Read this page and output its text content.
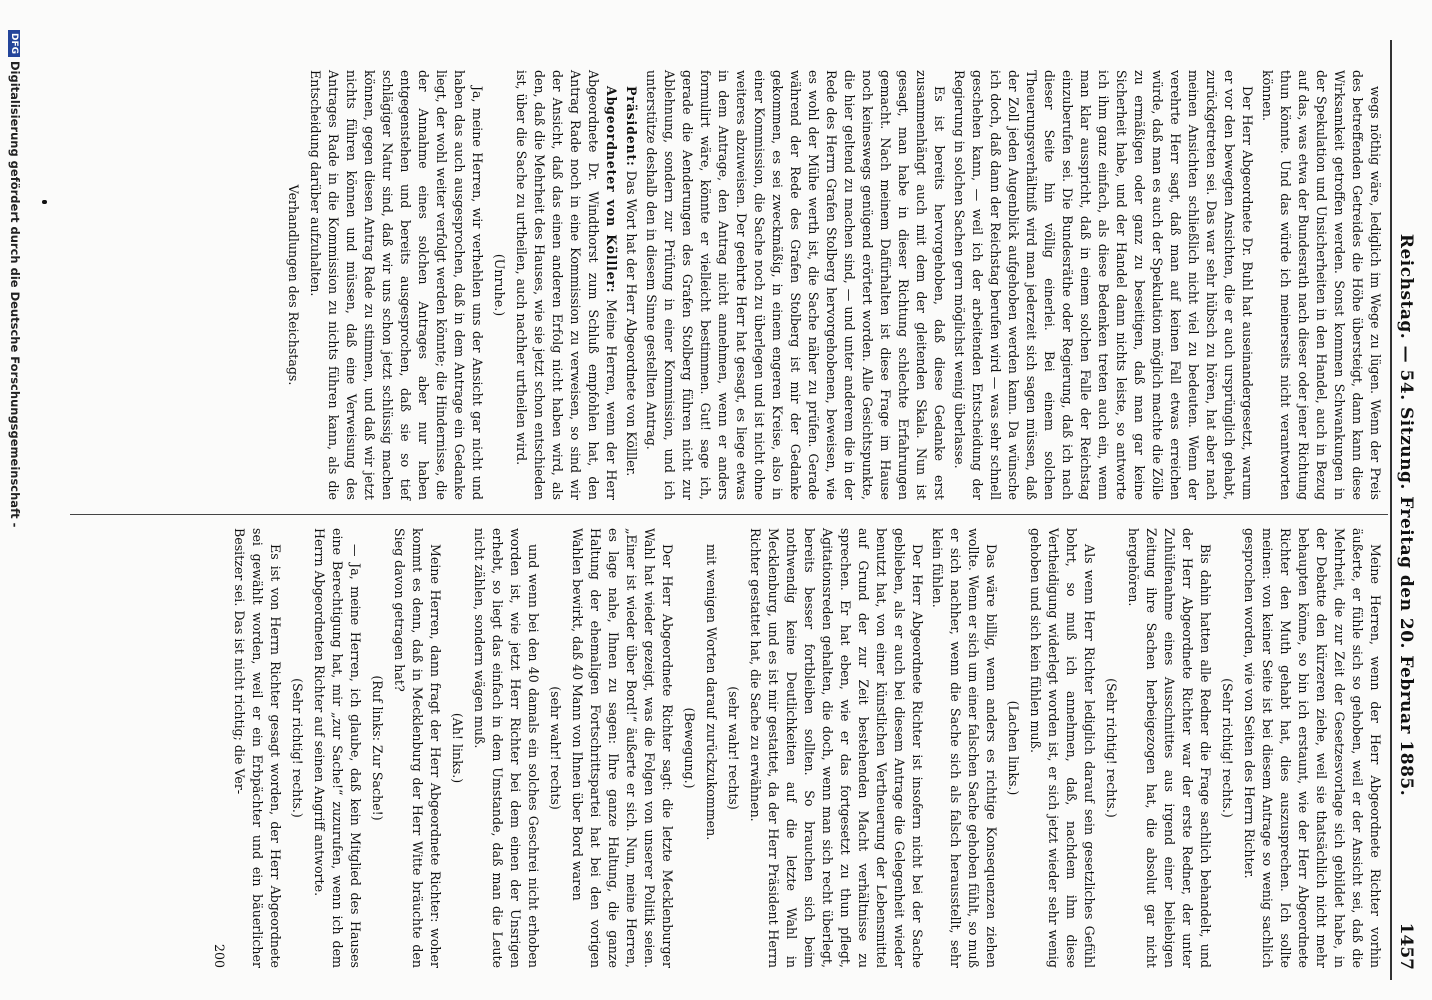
Reichstag. — 54. Sitzung. Freitag den 20. Februar 1885.
1457

wegs nöthig wäre, lediglich im Wege zu lügen. Wenn der Preis des betreffenden Getreides die Höhe übersteigt, dann kann diese Wirksamkeit getroffen werden. Sonst kommen Schwankungen in der Spekulation und Unsicherheiten in den Handel, auch in Bezug auf das, was etwa der Bundesrath nach dieser oder jener Richtung thun könnte. Und das würde ich meinerseits nicht verantworten können.

Der Herr Abgeordnete Dr. Buhl hat auseinandergesetzt, warum er vor den bewegten Ansichten, die er auch ursprünglich gehabt, zurückgetreten sei. Das war sehr hübsch zu hören, hat aber nach meinen Ansichten schließlich nicht viel zu bedeuten. Wenn der verehrte Herr sagt, daß man auf keinen Fall etwas erreichen würde, daß man es auch der Spekulation möglich machte die Zölle zu ermäßigen oder ganz zu beseitigen, daß man gar keine Sicherheit habe, und der Handel dann nichts leiste, so antworte ich ihm ganz einfach, als diese Bedenken treten auch ein, wenn man klar ausspricht, daß in einem solchen Falle der Reichstag einzuberufen sei. Die Bundesräthe oder Regierung, daß ich nach dieser Seite hin völlig einerlei. Bei einem solchen Theuerungsverhältniß wird man jederzeit sich sagen müssen, daß der Zoll jeden Augenblick aufgehoben werden kann. Da wünsche ich doch, daß dann der Reichstag berufen wird — was sehr schnell geschehen kann, — weil ich der arbeitenden Entscheidung der Regierung in solchen Sachen gern möglichst wenig überlasse.

Es ist bereits hervorgehoben, daß diese Gedanke erst zusammenhängt auch mit dem der gleitenden Skala. Nun ist gesagt, man habe in dieser Richtung schlechte Erfahrungen gemacht. Nach meinem Dafürhalten ist diese Frage im Hause noch keineswegs genügend erörtert worden. Alle Gesichtspunkte, die hier geltend zu machen sind, — und unter anderem die in der Rede des Herrn Grafen Stolberg hervorgehobenen, beweisen, wie es wohl der Mühe werth ist, die Sache näher zu prüfen. Gerade während der Rede des Grafen Stolberg ist mir der Gedanke gekommen, es sei zweckmäßig, in einem engeren Kreise, also in einer Kommission, die Sache noch zu überlegen und ist nicht ohne weiteres abzuweisen. Der geehrte Herr hat gesagt, es liege etwas in dem Antrage, den Antrag nicht annehmen, wenn er anders formulirt wäre, könnte er vielleicht bestimmen. Gut! sage ich, gerade die Aenderungen des Grafen Stolberg führen nicht zur Ablehnung, sondern zur Prüfung in einer Kommission, und ich unterstütze deshalb den in diesem Sinne gestellten Antrag.

Präsident: Das Wort hat der Herr Abgeordnete von Kölller.

Abgeordneter von Kölller: Meine Herren, wenn der Herr Abgeordnete Dr. Windthorst zum Schluß empfohlen hat, den Antrag Rade noch in eine Kommission zu verweisen, so sind wir der Ansicht, daß das einen anderen Erfolg nicht haben wird, als den, daß die Mehrheit des Hauses, wie sie jetzt schon entschieden ist, über die Sache zu urtheilen, auch nachher urtheilen wird.

(Unruhe.)

Ja, meine Herren, wir verhehlen uns der Ansicht gar nicht und haben das auch ausgesprochen, daß in dem Antrage ein Gedanke liegt, der wohl weiter verfolgt werden könnte; die Hindernisse, die der Annahme eines solchen Antrages aber nur haben entgegenstehen und bereits ausgesprochen, daß sie so tief schlägiger Natur sind, daß wir uns schon jetzt schlüssig machen können, gegen diesen Antrag Rade zu stimmen, und daß wir jetzt nichts führen können und müssen, daß eine Verweisung des Antrages Rade in die Kommission zu nichts führen kann, als die Entscheidung darüber aufzuhalten.

Verhandlungen des Reichstags.

Meine Herren, wenn der Herr Abgeordnete Richter vorhin äußerte, er fühle sich so gehoben, weil er der Ansicht sei, daß die Mehrheit, die zur Zeit der Gesetzesvorlage sich gebildet habe, in der Debatte den kürzeren ziehe, weil sie thatsächlich nicht mehr behaupten könne, so bin ich erstaunt, wie der Herr Abgeordnete Richter den Muth gehabt hat, dies auszusprechen. Ich sollte meinen: von keiner Seite ist bei diesem Antrage so wenig sachlich gesprochen worden, wie von Seiten des Herrn Richter.

(Sehr richtig! rechts.)

Bis dahin hatten alle Redner die Frage sachlich behandelt, und der Herr Abgeordnete Richter war der erste Redner, der unter Zuhülfenahme eines Ausschnittes aus irgend einer beliebigen Zeitung ihre Sachen herbeigezogen hat, die absolut gar nicht hergehören.

(Sehr richtig! rechts.)

Als wenn Herr Richter lediglich darauf sein gesetzliches Gefühl bohrt, so muß ich annehmen, daß, nachdem ihm diese Vertheidigung widerlegt worden ist, er sich jetzt wieder sehr wenig gehoben und sich kein fühlen muß.

(Lachen links.)

Das wäre billig, wenn anders es richtige Konsequenzen ziehen wollte. Wenn er sich um einer falschen Sache gehoben fühlt, so muß er sich nachher, wenn die Sache sich als falsch herausstellt, sehr klein fühlen.

Der Herr Abgeordnete Richter ist insofern nicht bei der Sache geblieben, als er auch bei diesem Antrage die Gelegenheit wieder benutzt hat, von einer künstlichen Vertheuerung der Lebensmittel auf Grund der zur Zeit bestehenden Macht verhältnisse zu sprechen. Er hat eben, wie er das fortgesetzt zu thun pflegt, Agitationsreden gehalten, die doch, wenn man sich recht überlegt, bereits besser fortbleiben sollten. So brauchen sich beim nothwendig keine Deutlichkeiten auf die letzte Wahl in Mecklenburg, und es ist mir gestattet, da der Herr Präsident Herrn Richter gestattet hat, die Sache zu erwähnen.

(sehr wahr! rechts)

mit wenigen Worten darauf zurückzukommen.

(Bewegung.)

Der Herr Abgeordnete Richter sagt: die letzte Mecklenburger Wahl hat wieder gezeigt, was die Folgen von unserer Politik seien. „Einer ist wieder über Bord!“ äußerte er sich. Nun, meine Herren, es lage nahe, Ihnen zu sagen: Ihre ganze Haltung, die ganze Haltung der ehemaligen Fortschrittspartei hat bei den vorigen Wahlen bewirkt, daß 40 Mann von Ihnen über Bord waren

(sehr wahr! rechts)

und wenn bei den 40 damals ein solches Geschrei nicht erhoben worden ist, wie jetzt Herr Richter bei dem einen der Unsrigen erhebt, so liegt das einfach in dem Umstande, daß man die Leute nicht zählen, sondern wägen muß.

(Ah! links.)

Meine Herren, dann fragt der Herr Abgeordnete Richter: woher kommt es denn, daß in Mecklenburg der Herr Witte bräuchte den Sieg davon getragen hat?

(Ruf links: Zur Sache!)

— Ja, meine Herren, ich glaube, daß kein Mitglied des Hauses eine Berechtigung hat, mir „zur Sache!“ zuzurufen, wenn ich dem Herrn Abgeordneten Richter auf seinen Angriff antworte.

(Sehr richtig! rechts.)

Es ist von Herrn Richter gesagt worden, der Herr Abgeordnete sei gewählt worden, weil er ein Erbpächter und ein bäuerlicher Besitzer sei. Das ist nicht richtig; die Ver-

200

DFGDigitalisierung gefördert durch die Deutsche Forschungsgemeinschaft -
